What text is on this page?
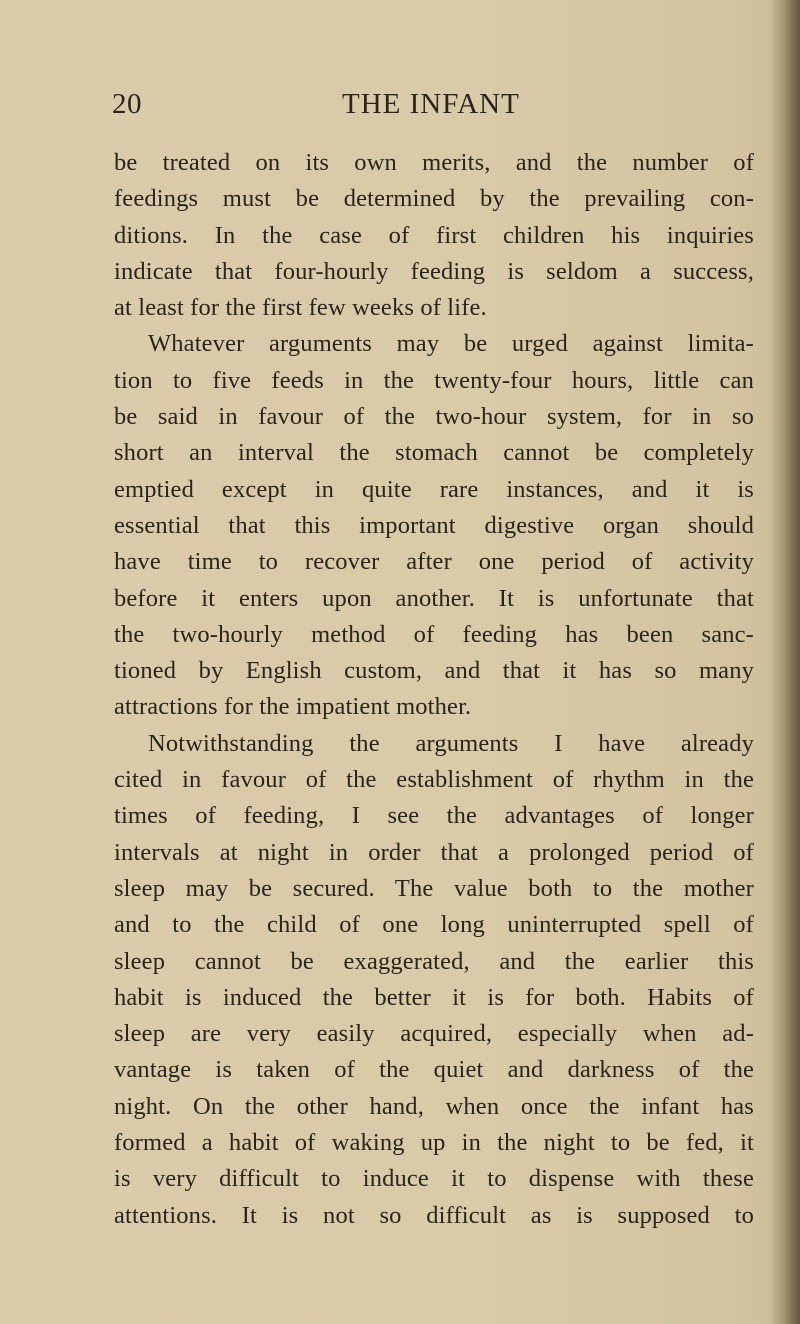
20	THE INFANT
be treated on its own merits, and the number of
feedings must be determined by the prevailing con-
ditions. In the case of first children his inquiries
indicate that four-hourly feeding is seldom a success,
at least for the first few weeks of life.
Whatever arguments may be urged against limita-
tion to five feeds in the twenty-four hours, little can
be said in favour of the two-hour system, for in so
short an interval the stomach cannot be completely
emptied except in quite rare instances, and it is
essential that this important digestive organ should
have time to recover after one period of activity
before it enters upon another. It is unfortunate that
the two-hourly method of feeding has been sanc-
tioned by English custom, and that it has so many
attractions for the impatient mother.
Notwithstanding the arguments I have already
cited in favour of the establishment of rhythm in the
times of feeding, I see the advantages of longer
intervals at night in order that a prolonged period of
sleep may be secured. The value both to the mother
and to the child of one long uninterrupted spell of
sleep cannot be exaggerated, and the earlier this
habit is induced the better it is for both. Habits of
sleep are very easily acquired, especially when ad-
vantage is taken of the quiet and darkness of the
night. On the other hand, when once the infant has
formed a habit of waking up in the night to be fed, it
is very difficult to induce it to dispense with these
attentions. It is not so difficult as is supposed to
